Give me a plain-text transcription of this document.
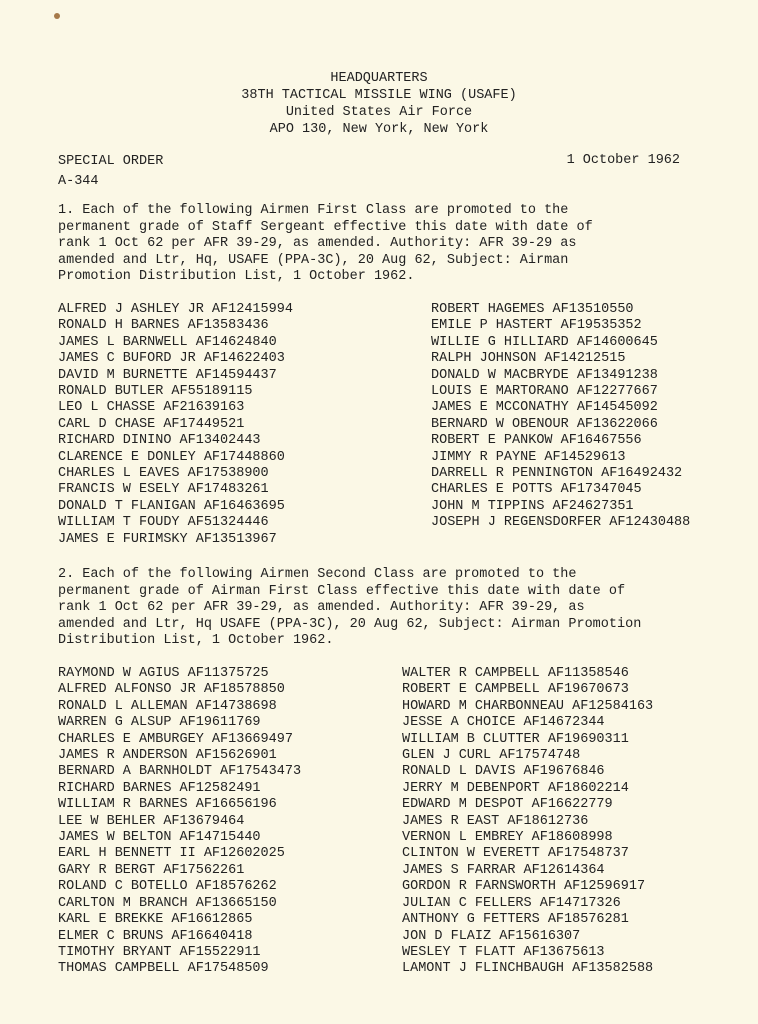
HEADQUARTERS
38TH TACTICAL MISSILE WING (USAFE)
United States Air Force
APO 130, New York, New York
SPECIAL ORDER
A-344
1 October 1962
1. Each of the following Airmen First Class are promoted to the
permanent grade of Staff Sergeant effective this date with date of
rank 1 Oct 62 per AFR 39-29, as amended. Authority: AFR 39-29 as
amended and Ltr, Hq, USAFE (PPA-3C), 20 Aug 62, Subject: Airman
Promotion Distribution List, 1 October 1962.
ALFRED J ASHLEY JR AF12415994
RONALD H BARNES AF13583436
JAMES L BARNWELL AF14624840
JAMES C BUFORD JR AF14622403
DAVID M BURNETTE AF14594437
RONALD BUTLER AF55189115
LEO L CHASSE AF21639163
CARL D CHASE AF17449521
RICHARD DININO AF13402443
CLARENCE E DONLEY AF17448860
CHARLES L EAVES AF17538900
FRANCIS W ESELY AF17483261
DONALD T FLANIGAN AF16463695
WILLIAM T FOUDY AF51324446
JAMES E FURIMSKY AF13513967
ROBERT HAGEMES AF13510550
EMILE P HASTERT AF19535352
WILLIE G HILLIARD AF14600645
RALPH JOHNSON AF14212515
DONALD W MACBRYDE AF13491238
LOUIS E MARTORANO AF12277667
JAMES E MCCONATHY AF14545092
BERNARD W OBENOUR AF13622066
ROBERT E PANKOW AF16467556
JIMMY R PAYNE AF14529613
DARRELL R PENNINGTON AF16492432
CHARLES E POTTS AF17347045
JOHN M TIPPINS AF24627351
JOSEPH J REGENSDORFER AF12430488
2. Each of the following Airmen Second Class are promoted to the
permanent grade of Airman First Class effective this date with date of
rank 1 Oct 62 per AFR 39-29, as amended. Authority: AFR 39-29, as
amended and Ltr, Hq USAFE (PPA-3C), 20 Aug 62, Subject: Airman Promotion
Distribution List, 1 October 1962.
RAYMOND W AGIUS AF11375725
ALFRED ALFONSO JR AF18578850
RONALD L ALLEMAN AF14738698
WARREN G ALSUP AF19611769
CHARLES E AMBURGEY AF13669497
JAMES R ANDERSON AF15626901
BERNARD A BARNHOLDT AF17543473
RICHARD BARNES AF12582491
WILLIAM R BARNES AF16656196
LEE W BEHLER AF13679464
JAMES W BELTON AF14715440
EARL H BENNETT II AF12602025
GARY R BERGT AF17562261
ROLAND C BOTELLO AF18576262
CARLTON M BRANCH AF13665150
KARL E BREKKE AF16612865
ELMER C BRUNS AF16640418
TIMOTHY BRYANT AF15522911
THOMAS CAMPBELL AF17548509
WALTER R CAMPBELL AF11358546
ROBERT E CAMPBELL AF19670673
HOWARD M CHARBONNEAU AF12584163
JESSE A CHOICE AF14672344
WILLIAM B CLUTTER AF19690311
GLEN J CURL AF17574748
RONALD L DAVIS AF19676846
JERRY M DEBENPORT AF18602214
EDWARD M DESPOT AF16622779
JAMES R EAST AF18612736
VERNON L EMBREY AF18608998
CLINTON W EVERETT AF17548737
JAMES S FARRAR AF12614364
GORDON R FARNSWORTH AF12596917
JULIAN C FELLERS AF14717326
ANTHONY G FETTERS AF18576281
JON D FLAIZ AF15616307
WESLEY T FLATT AF13675613
LAMONT J FLINCHBAUGH AF13582588
